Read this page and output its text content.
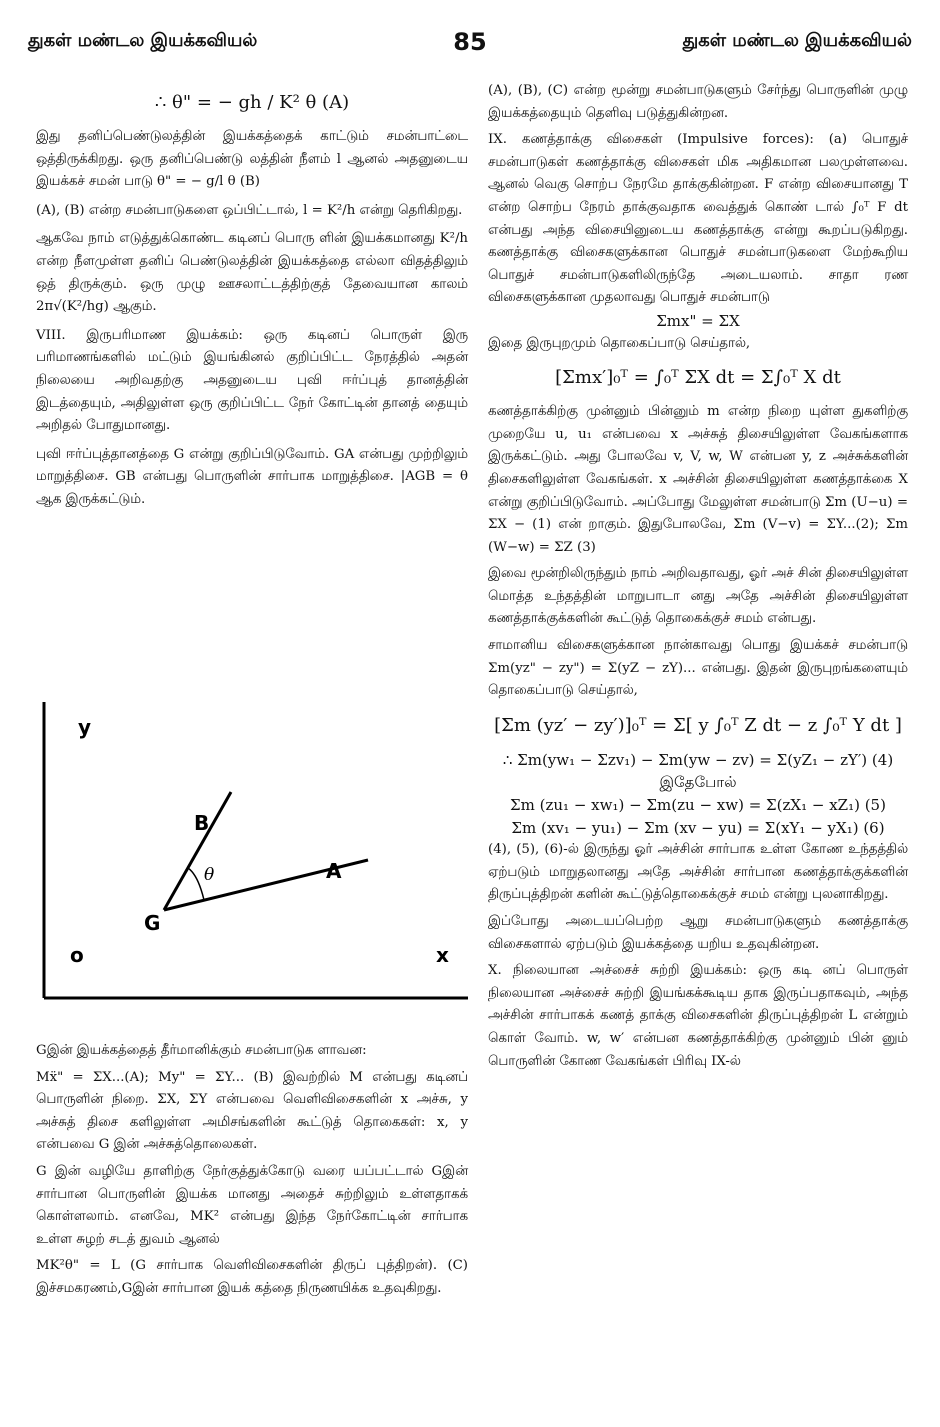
துகள் மண்டல இயக்கவியல்	85	துகள் மண்டல இயக்கவியல்

∴ θ" = − gh / K² θ (A)

இது தனிப்பெண்டுலத்தின் இயக்கத்தைக் காட்டும் சமன்பாட்டை ஒத்திருக்கிறது. ஒரு தனிப்பெண்டு லத்தின் நீளம் l ஆனல் அதனுடைய இயக்கச் சமன் பாடு θ" = − g/l θ (B)

(A), (B) என்ற சமன்பாடுகளை ஒப்பிட்டால், l = K²/h என்று தெரிகிறது.

ஆகவே நாம் எடுத்துக்கொண்ட கடினப் பொரு ளின் இயக்கமானது K²/h என்ற நீளமுள்ள தனிப் பெண்டுலத்தின் இயக்கத்தை எல்லா விதத்திலும் ஒத் திருக்கும். ஒரு முழு ஊசலாட்டத்திற்குத் தேவையான காலம் 2π√(K²/hg) ஆகும்.

VIII. இருபரிமாண இயக்கம்: ஒரு கடினப் பொருள் இரு பரிமாணங்களில் மட்டும் இயங்கினல் குறிப்பிட்ட நேரத்தில் அதன் நிலையை அறிவதற்கு அதனுடைய புவி ஈர்ப்புத் தானத்தின் இடத்தையும், அதிலுள்ள ஒரு குறிப்பிட்ட நேர் கோட்டின் தானத் தையும் அறிதல் போதுமானது.

புவி ஈர்ப்புத்தானத்தை G என்று குறிப்பிடுவோம். GA என்பது முற்றிலும் மாறுத்திசை. GB என்பது பொருளின் சார்பாக மாறுத்திசை. |AGB = θ ஆக இருக்கட்டும்.

y
x
o
B
A
G
θ

Gஇன் இயக்கத்தைத் தீர்மானிக்கும் சமன்பாடுக ளாவன:

Mẍ" = ΣX...(A); My" = ΣY... (B) இவற்றில் M என்பது கடினப் பொருளின் நிறை. ΣX, ΣY என்பவை வெளிவிசைகளின் x அச்சு, y அச்சுத் திசை களிலுள்ள அமிசங்களின் கூட்டுத் தொகைகள்: x, y என்பவை G இன் அச்சுத்தொலைகள்.

G இன் வழியே தாளிற்கு நேர்குத்துக்கோடு வரை யப்பட்டால் Gஇன் சார்பான பொருளின் இயக்க மானது அதைச் சுற்றிலும் உள்ளதாகக் கொள்ளலாம். எனவே, MK² என்பது இந்த நேர்கோட்டின் சார்பாக உள்ள சுழற் சடத் துவம் ஆனல்

MK²θ" = L (G சார்பாக வெளிவிசைகளின் திருப் புத்திறன்). (C) இச்சமகரணம்,Gஇன் சார்பான இயக் கத்தை நிருணயிக்க உதவுகிறது.

(A), (B), (C) என்ற மூன்று சமன்பாடுகளும் சேர்ந்து பொருளின் முழு இயக்கத்தையும் தெளிவு படுத்துகின்றன.

IX. கணத்தாக்கு விசைகள் (Impulsive forces): (a) பொதுச் சமன்பாடுகள் கணத்தாக்கு விசைகள் மிக அதிகமான பலமுள்ளவை. ஆனல் வெகு சொற்ப நேரமே தாக்குகின்றன. F என்ற விசையானது T என்ற சொற்ப நேரம் தாக்குவதாக வைத்துக் கொண் டால் ∫₀ᵀ F dt என்பது அந்த விசையினுடைய கணத்தாக்கு என்று கூறப்படுகிறது. கணத்தாக்கு விசைகளுக்கான பொதுச் சமன்பாடுகளை மேற்கூறிய பொதுச் சமன்பாடுகளிலிருந்தே அடையலாம். சாதா ரண விசைகளுக்கான முதலாவது பொதுச் சமன்பாடு

Σmx" = ΣX

இதை இருபுறமும் தொகைப்பாடு செய்தால்,

[Σmx′]₀ᵀ = ∫₀ᵀ ΣX dt = Σ∫₀ᵀ X dt

கணத்தாக்கிற்கு முன்னும் பின்னும் m என்ற நிறை யுள்ள துகளிற்கு முறையே u, u₁ என்பவை x அச்சுத் திசையிலுள்ள வேகங்களாக இருக்கட்டும். அது போலவே v, V, w, W என்பன y, z அச்சுக்களின் திசைகளிலுள்ள வேகங்கள். x அச்சின் திசையிலுள்ள கணத்தாக்கை X என்று குறிப்பிடுவோம். அப்போது மேலுள்ள சமன்பாடு Σm (U−u) = ΣX − (1) என் றாகும். இதுபோலவே, Σm (V−v) = ΣY...(2); Σm (W−w) = ΣZ (3)

இவை மூன்றிலிருந்தும் நாம் அறிவதாவது, ஓர் அச் சின் திசையிலுள்ள மொத்த உந்தத்தின் மாறுபாடா னது அதே அச்சின் திசையிலுள்ள கணத்தாக்குக்களின் கூட்டுத் தொகைக்குச் சமம் என்பது.

சாமானிய விசைகளுக்கான நான்காவது பொது இயக்கச் சமன்பாடு Σm(yz" − zy") = Σ(yZ − zY)... என்பது. இதன் இருபுறங்களையும் தொகைப்பாடு செய்தால்,

[Σm (yz′ − zy′)]₀ᵀ = Σ[ y ∫₀ᵀ Z dt − z ∫₀ᵀ Y dt ]

∴ Σm(yw₁ − Σzv₁) − Σm(yw − zv) = Σ(yZ₁ − zY′) (4) இதேபோல்

Σm (zu₁ − xw₁) − Σm(zu − xw) = Σ(zX₁ − xZ₁) (5)

Σm (xv₁ − yu₁) − Σm (xv − yu) = Σ(xY₁ − yX₁) (6)

(4), (5), (6)-ல் இருந்து ஓர் அச்சின் சார்பாக உள்ள கோண உந்தத்தில் ஏற்படும் மாறுதலானது அதே அச்சின் சார்பான கணத்தாக்குக்களின் திருப்புத்திறன் களின் கூட்டுத்தொகைக்குச் சமம் என்று புலனாகிறது.

இப்போது அடையப்பெற்ற ஆறு சமன்பாடுகளும் கணத்தாக்கு விசைகளால் ஏற்படும் இயக்கத்தை யறிய உதவுகின்றன.

X. நிலையான அச்சைச் சுற்றி இயக்கம்: ஒரு கடி னப் பொருள் நிலையான அச்சைச் சுற்றி இயங்கக்கூடிய தாக இருப்பதாகவும், அந்த அச்சின் சார்பாகக் கணத் தாக்கு விசைகளின் திருப்புத்திறன் L என்றும் கொள் வோம். w, w′ என்பன கணத்தாக்கிற்கு முன்னும் பின் னும் பொருளின் கோண வேகங்கள் பிரிவு IX-ல்
